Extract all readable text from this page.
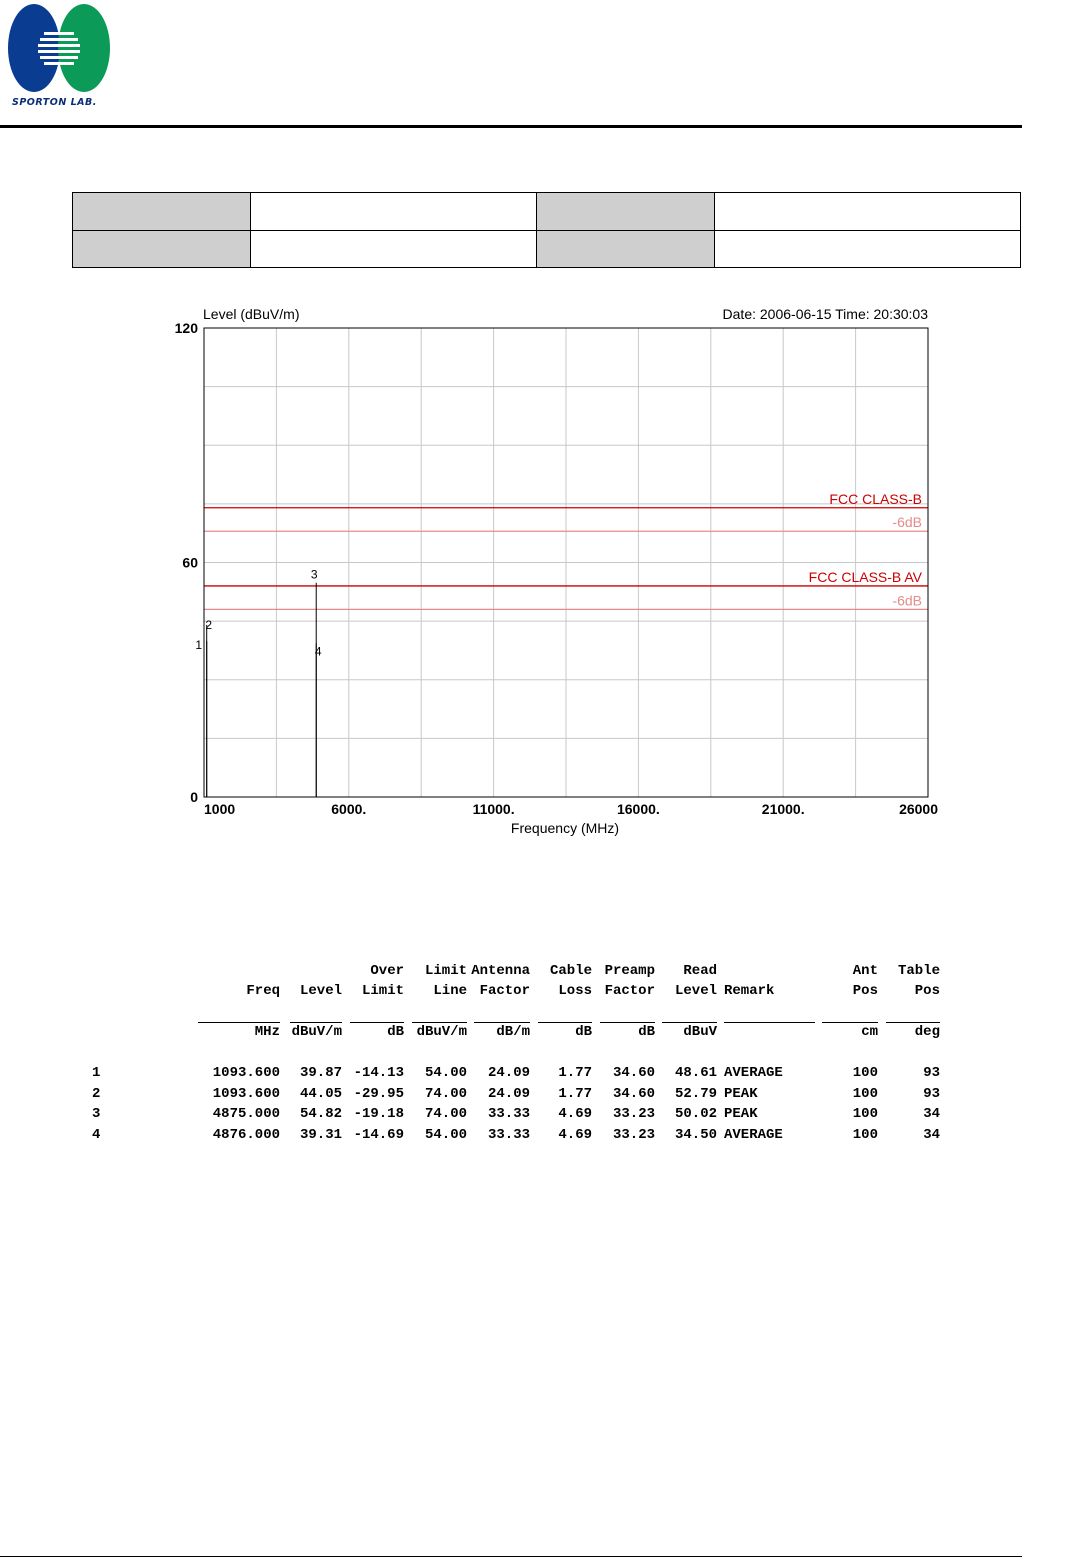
SPORTON LAB.

FCC CLASS-B
-6dB
FCC CLASS-B AV
-6dB
1
2
3
4
1000	6000.	11000.	16000.	21000.	26000
0
60
120
Level (dBuV/m)	Date: 2006-06-15 Time: 20:30:03
Frequency (MHz)
Over Limit Antenna Cable Preamp Read	Ant Table
Freq Level Limit Line Factor Loss Factor Level Remark	Pos	Pos
MHz dBuV/m	dB dBuV/m dB/m	dB	dB dBuV	cm	deg
1	1093.600 39.87 -14.13 54.00 24.09 1.77 34.60 48.61 AVERAGE	100	93
2	1093.600 44.05 -29.95 74.00 24.09 1.77 34.60 52.79 PEAK	100	93
3	4875.000 54.82 -19.18 74.00 33.33 4.69 33.23 50.02 PEAK	100	34
4	4876.000 39.31 -14.69 54.00 33.33 4.69 33.23 34.50 AVERAGE	100	34
